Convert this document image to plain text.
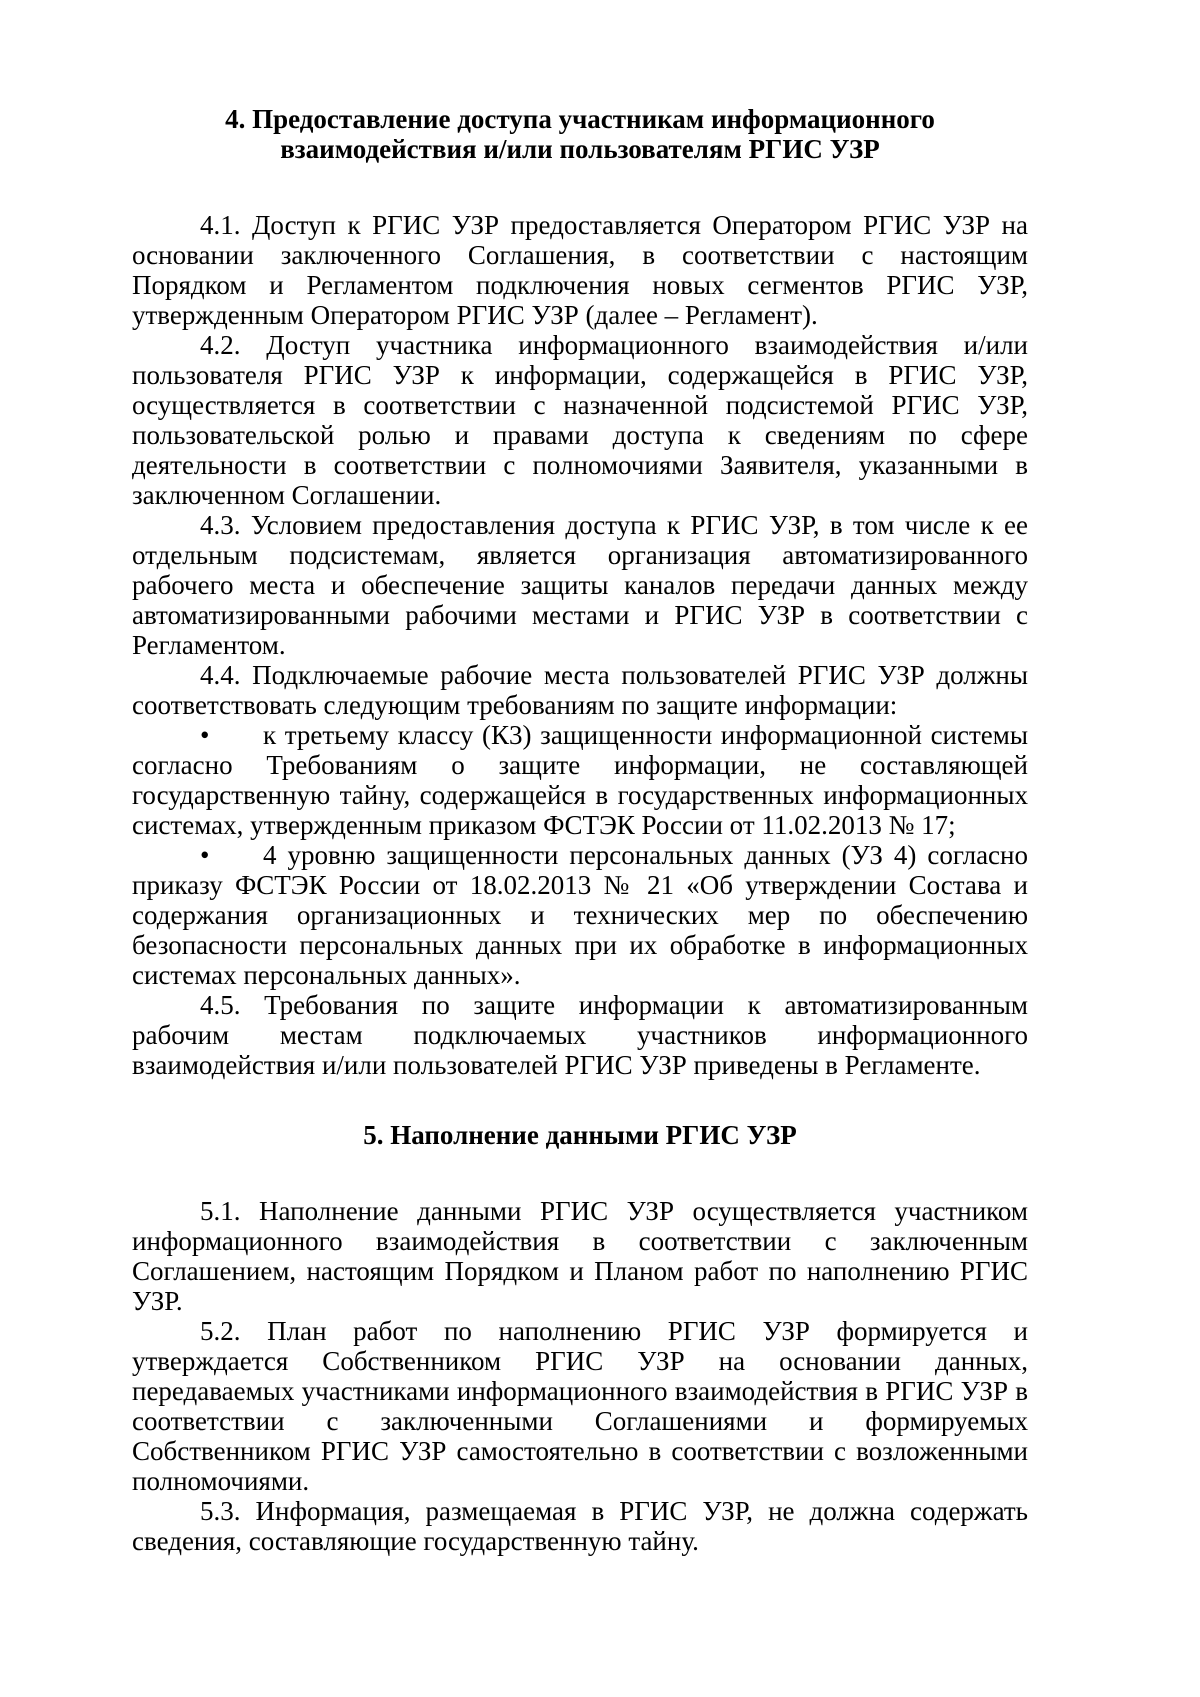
4. Предоставление доступа участникам информационного взаимодействия и/или пользователям РГИС УЗР

4.1. Доступ к РГИС УЗР предоставляется Оператором РГИС УЗР на основании заключенного Соглашения, в соответствии с настоящим Порядком и Регламентом подключения новых сегментов РГИС УЗР, утвержденным Оператором РГИС УЗР (далее – Регламент).

4.2. Доступ участника информационного взаимодействия и/или пользователя РГИС УЗР к информации, содержащейся в РГИС УЗР, осуществляется в соответствии с назначенной подсистемой РГИС УЗР, пользовательской ролью и правами доступа к сведениям по сфере деятельности в соответствии с полномочиями Заявителя, указанными в заключенном Соглашении.

4.3. Условием предоставления доступа к РГИС УЗР, в том числе к ее отдельным подсистемам, является организация автоматизированного рабочего места и обеспечение защиты каналов передачи данных между автоматизированными рабочими местами и РГИС УЗР в соответствии с Регламентом.

4.4. Подключаемые рабочие места пользователей РГИС УЗР должны соответствовать следующим требованиям по защите информации:

• к третьему классу (К3) защищенности информационной системы согласно Требованиям о защите информации, не составляющей государственную тайну, содержащейся в государственных информационных системах, утвержденным приказом ФСТЭК России от 11.02.2013 № 17;

• 4 уровню защищенности персональных данных (УЗ 4) согласно приказу ФСТЭК России от 18.02.2013 № 21 «Об утверждении Состава и содержания организационных и технических мер по обеспечению безопасности персональных данных при их обработке в информационных системах персональных данных».

4.5. Требования по защите информации к автоматизированным рабочим местам подключаемых участников информационного взаимодействия и/или пользователей РГИС УЗР приведены в Регламенте.

5. Наполнение данными РГИС УЗР

5.1. Наполнение данными РГИС УЗР осуществляется участником информационного взаимодействия в соответствии с заключенным Соглашением, настоящим Порядком и Планом работ по наполнению РГИС УЗР.

5.2. План работ по наполнению РГИС УЗР формируется и утверждается Собственником РГИС УЗР на основании данных, передаваемых участниками информационного взаимодействия в РГИС УЗР в соответствии с заключенными Соглашениями и формируемых Собственником РГИС УЗР самостоятельно в соответствии с возложенными полномочиями.

5.3. Информация, размещаемая в РГИС УЗР, не должна содержать сведения, составляющие государственную тайну.
